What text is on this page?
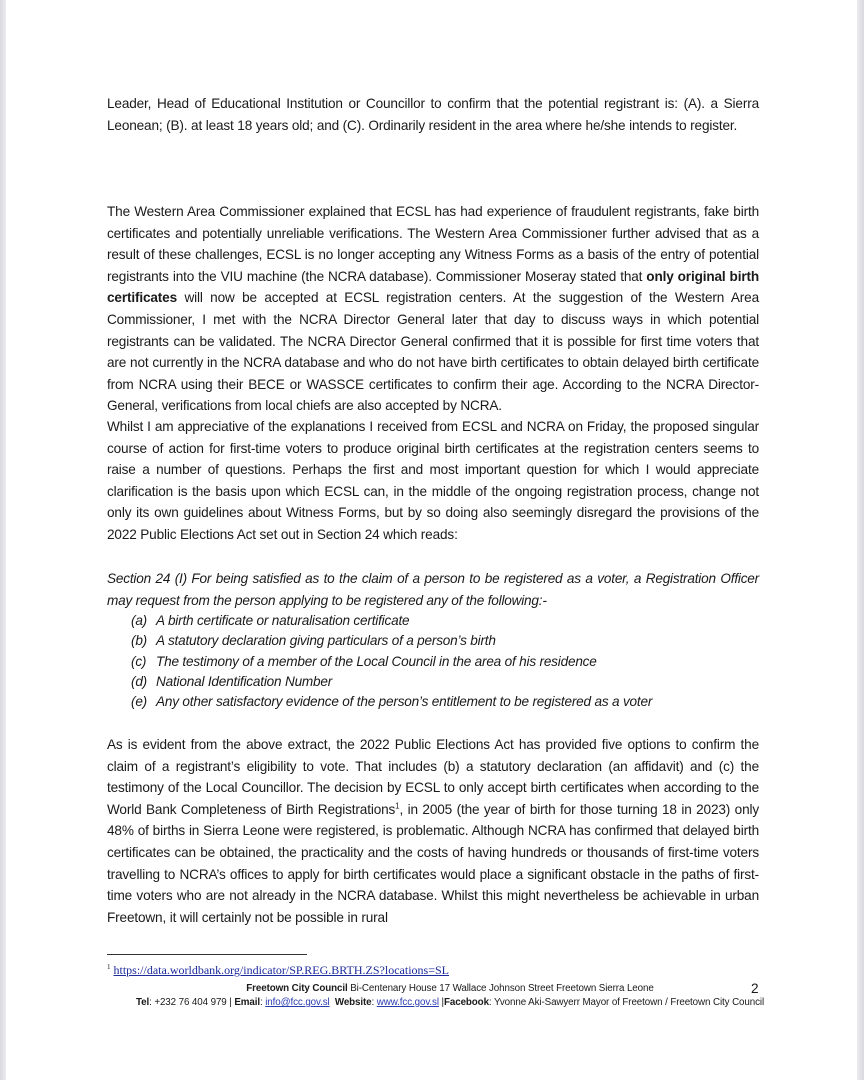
Leader, Head of Educational Institution or Councillor to confirm that the potential registrant is: (A). a Sierra Leonean; (B). at least 18 years old; and (C). Ordinarily resident in the area where he/she intends to register.

The Western Area Commissioner explained that ECSL has had experience of fraudulent registrants, fake birth certificates and potentially unreliable verifications. The Western Area Commissioner further advised that as a result of these challenges, ECSL is no longer accepting any Witness Forms as a basis of the entry of potential registrants into the VIU machine (the NCRA database). Commissioner Moseray stated that only original birth certificates will now be accepted at ECSL registration centers. At the suggestion of the Western Area Commissioner, I met with the NCRA Director General later that day to discuss ways in which potential registrants can be validated. The NCRA Director General confirmed that it is possible for first time voters that are not currently in the NCRA database and who do not have birth certificates to obtain delayed birth certificate from NCRA using their BECE or WASSCE certificates to confirm their age. According to the NCRA Director-General, verifications from local chiefs are also accepted by NCRA.

Whilst I am appreciative of the explanations I received from ECSL and NCRA on Friday, the proposed singular course of action for first-time voters to produce original birth certificates at the registration centers seems to raise a number of questions. Perhaps the first and most important question for which I would appreciate clarification is the basis upon which ECSL can, in the middle of the ongoing registration process, change not only its own guidelines about Witness Forms, but by so doing also seemingly disregard the provisions of the 2022 Public Elections Act set out in Section 24 which reads:

Section 24 (I) For being satisfied as to the claim of a person to be registered as a voter, a Registration Officer may request from the person applying to be registered any of the following:-

(a) A birth certificate or naturalisation certificate
(b) A statutory declaration giving particulars of a person’s birth
(c) The testimony of a member of the Local Council in the area of his residence
(d) National Identification Number
(e) Any other satisfactory evidence of the person’s entitlement to be registered as a voter

As is evident from the above extract, the 2022 Public Elections Act has provided five options to confirm the claim of a registrant’s eligibility to vote. That includes (b) a statutory declaration (an affidavit) and (c) the testimony of the Local Councillor. The decision by ECSL to only accept birth certificates when according to the World Bank Completeness of Birth Registrations$^1$, in 2005 (the year of birth for those turning 18 in 2023) only 48% of births in Sierra Leone were registered, is problematic. Although NCRA has confirmed that delayed birth certificates can be obtained, the practicality and the costs of having hundreds or thousands of first-time voters travelling to NCRA’s offices to apply for birth certificates would place a significant obstacle in the paths of first-time voters who are not already in the NCRA database. Whilst this might nevertheless be achievable in urban Freetown, it will certainly not be possible in rural

$^1$ https://data.worldbank.org/indicator/SP.REG.BRTH.ZS?locations=SL
Freetown City Council Bi-Centenary House 17 Wallace Johnson Street Freetown Sierra Leone
Tel: +232 76 404 979 | Email: info@fcc.gov.sl Website: www.fcc.gov.sl |Facebook: Yvonne Aki-Sawyerr Mayor of Freetown / Freetown City Council
2
